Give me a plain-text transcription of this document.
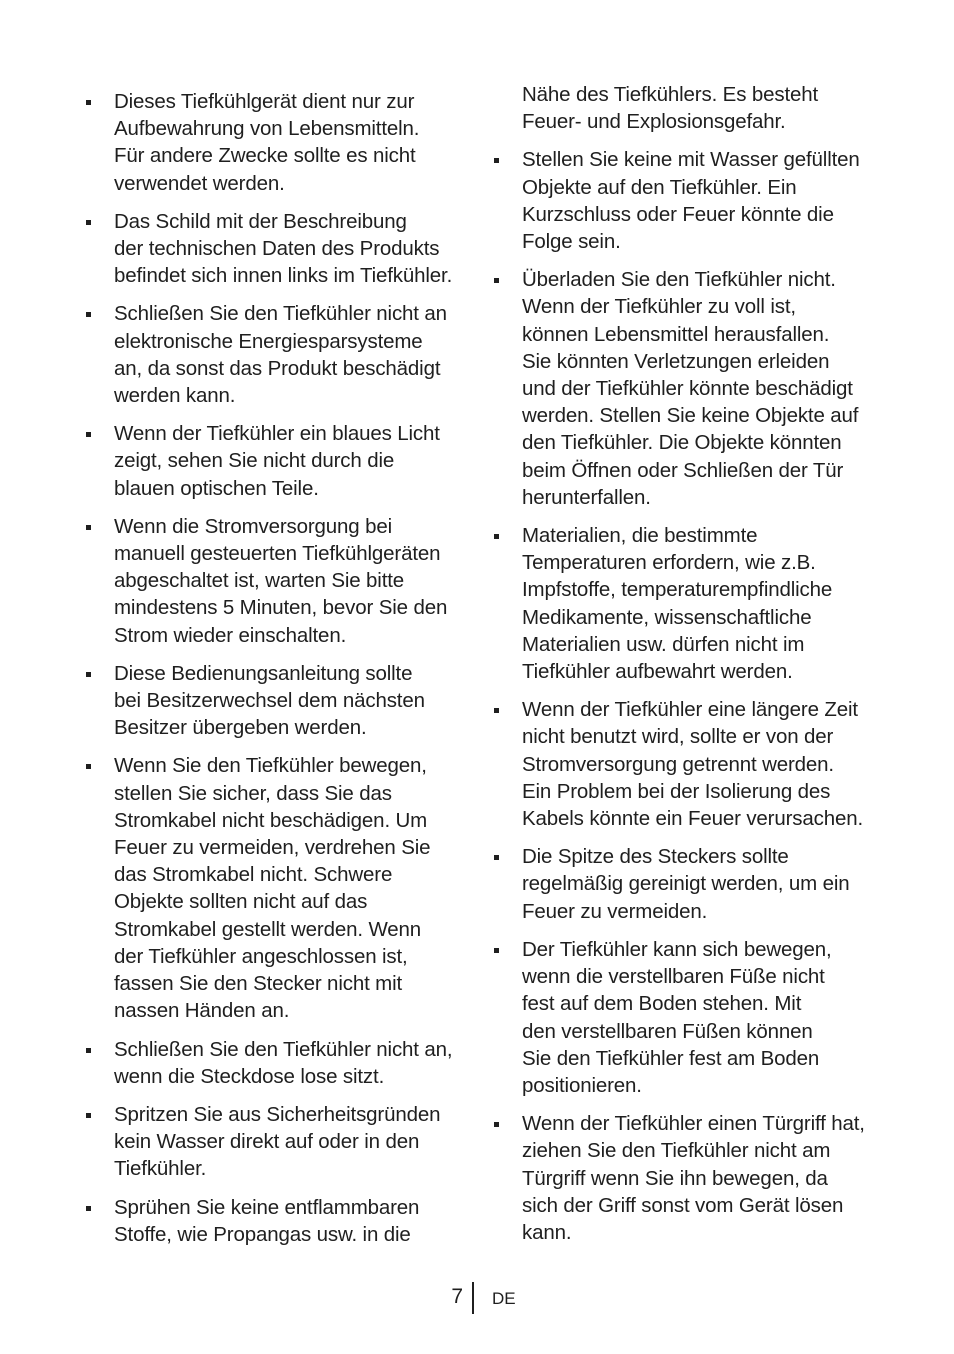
Dieses Tiefkühlgerät dient nur zur
Aufbewahrung von Lebensmitteln.
Für andere Zwecke sollte es nicht
verwendet werden.
Das Schild mit der Beschreibung
der technischen Daten des Produkts
befindet sich innen links im Tiefkühler.
Schließen Sie den Tiefkühler nicht an
elektronische Energiesparsysteme
an, da sonst das Produkt beschädigt
werden kann.
Wenn der Tiefkühler ein blaues Licht
zeigt, sehen Sie nicht durch die
blauen optischen Teile.
Wenn die Stromversorgung bei
manuell gesteuerten Tiefkühlgeräten
abgeschaltet ist, warten Sie bitte
mindestens 5 Minuten, bevor Sie den
Strom wieder einschalten.
Diese Bedienungsanleitung sollte
bei Besitzerwechsel dem nächsten
Besitzer übergeben werden.
Wenn Sie den Tiefkühler bewegen,
stellen Sie sicher, dass Sie das
Stromkabel nicht beschädigen. Um
Feuer zu vermeiden, verdrehen Sie
das Stromkabel nicht. Schwere
Objekte sollten nicht auf das
Stromkabel gestellt werden. Wenn
der Tiefkühler angeschlossen ist,
fassen Sie den Stecker nicht mit
nassen Händen an.
Schließen Sie den Tiefkühler nicht an,
wenn die Steckdose lose sitzt.
Spritzen Sie aus Sicherheitsgründen
kein Wasser direkt auf oder in den
Tiefkühler.
Sprühen Sie keine entflammbaren
Stoffe, wie Propangas usw. in die
Nähe des Tiefkühlers. Es besteht
Feuer- und Explosionsgefahr.
Stellen Sie keine mit Wasser gefüllten
Objekte auf den Tiefkühler. Ein
Kurzschluss oder Feuer könnte die
Folge sein.
Überladen Sie den Tiefkühler nicht.
Wenn der Tiefkühler zu voll ist,
können Lebensmittel herausfallen.
Sie könnten Verletzungen erleiden
und der Tiefkühler könnte beschädigt
werden. Stellen Sie keine Objekte auf
den Tiefkühler. Die Objekte könnten
beim Öffnen oder Schließen der Tür
herunterfallen.
Materialien, die bestimmte
Temperaturen erfordern, wie z.B.
Impfstoffe, temperaturempfindliche
Medikamente, wissenschaftliche
Materialien usw. dürfen nicht im
Tiefkühler aufbewahrt werden.
Wenn der Tiefkühler eine längere Zeit
nicht benutzt wird, sollte er von der
Stromversorgung getrennt werden.
Ein Problem bei der Isolierung des
Kabels könnte ein Feuer verursachen.
Die Spitze des Steckers sollte
regelmäßig gereinigt werden, um ein
Feuer zu vermeiden.
Der Tiefkühler kann sich bewegen,
wenn die verstellbaren Füße nicht
fest auf dem Boden stehen. Mit
den verstellbaren Füßen können
Sie den Tiefkühler fest am Boden
positionieren.
Wenn der Tiefkühler einen Türgriff hat,
ziehen Sie den Tiefkühler nicht am
Türgriff wenn Sie ihn bewegen, da
sich der Griff sonst vom Gerät lösen
kann.
7 DE
